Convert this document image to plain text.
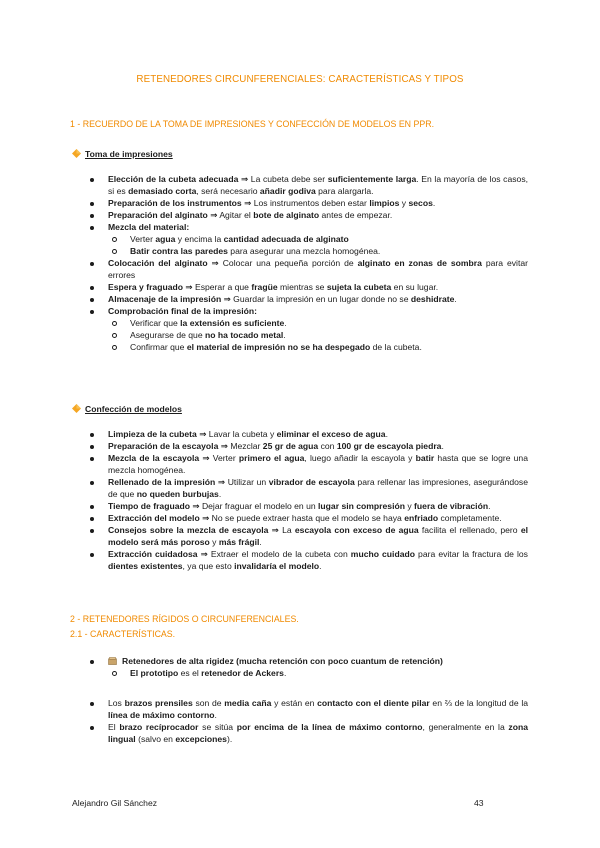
RETENEDORES CIRCUNFERENCIALES: CARACTERÍSTICAS Y TIPOS
1 - RECUERDO DE LA TOMA DE IMPRESIONES Y CONFECCIÓN DE MODELOS EN PPR.
Toma de impresiones
Elección de la cubeta adecuada ⇒ La cubeta debe ser suficientemente larga. En la mayoría de los casos, si es demasiado corta, será necesario añadir godiva para alargarla.
Preparación de los instrumentos ⇒ Los instrumentos deben estar limpios y secos.
Preparación del alginato ⇒ Agitar el bote de alginato antes de empezar.
Mezcla del material:
Verter agua y encima la cantidad adecuada de alginato
Batir contra las paredes para asegurar una mezcla homogénea.
Colocación del alginato ⇒ Colocar una pequeña porción de alginato en zonas de sombra para evitar errores
Espera y fraguado ⇒ Esperar a que fragüe mientras se sujeta la cubeta en su lugar.
Almacenaje de la impresión ⇒ Guardar la impresión en un lugar donde no se deshidrate.
Comprobación final de la impresión:
Verificar que la extensión es suficiente.
Asegurarse de que no ha tocado metal.
Confirmar que el material de impresión no se ha despegado de la cubeta.
Confección de modelos
Limpieza de la cubeta ⇒ Lavar la cubeta y eliminar el exceso de agua.
Preparación de la escayola ⇒ Mezclar 25 gr de agua con 100 gr de escayola piedra.
Mezcla de la escayola ⇒ Verter primero el agua, luego añadir la escayola y batir hasta que se logre una mezcla homogénea.
Rellenado de la impresión ⇒ Utilizar un vibrador de escayola para rellenar las impresiones, asegurándose de que no queden burbujas.
Tiempo de fraguado ⇒ Dejar fraguar el modelo en un lugar sin compresión y fuera de vibración.
Extracción del modelo ⇒ No se puede extraer hasta que el modelo se haya enfriado completamente.
Consejos sobre la mezcla de escayola ⇒ La escayola con exceso de agua facilita el rellenado, pero el modelo será más poroso y más frágil.
Extracción cuidadosa ⇒ Extraer el modelo de la cubeta con mucho cuidado para evitar la fractura de los dientes existentes, ya que esto invalidaría el modelo.
2 - RETENEDORES RÍGIDOS O CIRCUNFERENCIALES.
2.1 - CARACTERÍSTICAS.
Retenedores de alta rigidez (mucha retención con poco cuantum de retención)
El prototipo es el retenedor de Ackers.
Los brazos prensiles son de media caña y están en contacto con el diente pilar en ⅔ de la longitud de la línea de máximo contorno.
El brazo recíprocador se sitúa por encima de la línea de máximo contorno, generalmente en la zona lingual (salvo en excepciones).
Alejandro Gil Sánchez	43
